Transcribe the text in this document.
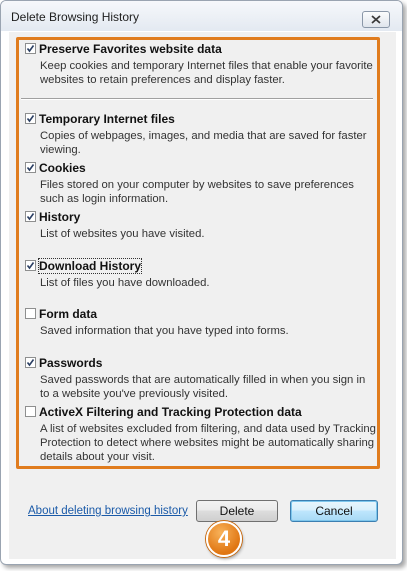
Delete Browsing History
Preserve Favorites website data
Keep cookies and temporary Internet files that enable your favorite websites to retain preferences and display faster.
Temporary Internet files
Copies of webpages, images, and media that are saved for faster viewing.
Cookies
Files stored on your computer by websites to save preferences such as login information.
History
List of websites you have visited.
Download History
List of files you have downloaded.
Form data
Saved information that you have typed into forms.
Passwords
Saved passwords that are automatically filled in when you sign in to a website you've previously visited.
ActiveX Filtering and Tracking Protection data
A list of websites excluded from filtering, and data used by Tracking Protection to detect where websites might be automatically sharing details about your visit.
About deleting browsing history	Delete	Cancel
4
